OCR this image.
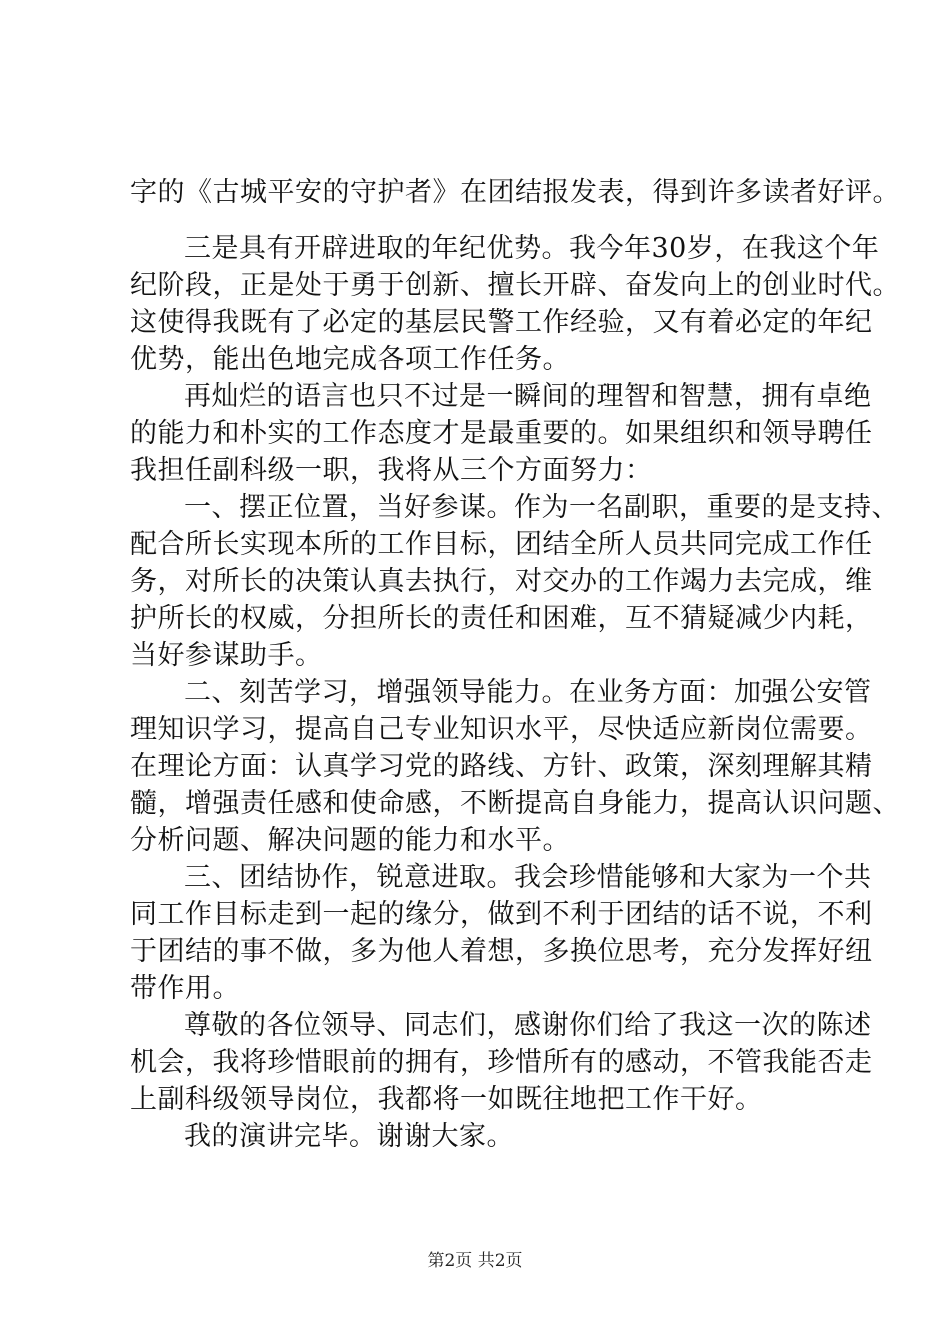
字的《古城平安的守护者》在团结报发表，得到许多读者好评。

三是具有开辟进取的年纪优势。我今年30岁，在我这个年
纪阶段，正是处于勇于创新、擅长开辟、奋发向上的创业时代。
这使得我既有了必定的基层民警工作经验，又有着必定的年纪
优势，能出色地完成各项工作任务。

再灿烂的语言也只不过是一瞬间的理智和智慧，拥有卓绝
的能力和朴实的工作态度才是最重要的。如果组织和领导聘任
我担任副科级一职，我将从三个方面努力：

一、摆正位置，当好参谋。作为一名副职，重要的是支持、
配合所长实现本所的工作目标，团结全所人员共同完成工作任
务，对所长的决策认真去执行，对交办的工作竭力去完成，维
护所长的权威，分担所长的责任和困难，互不猜疑减少内耗，
当好参谋助手。

二、刻苦学习，增强领导能力。在业务方面：加强公安管
理知识学习，提高自己专业知识水平，尽快适应新岗位需要。
在理论方面：认真学习党的路线、方针、政策，深刻理解其精
髓，增强责任感和使命感，不断提高自身能力，提高认识问题、
分析问题、解决问题的能力和水平。

三、团结协作，锐意进取。我会珍惜能够和大家为一个共
同工作目标走到一起的缘分，做到不利于团结的话不说，不利
于团结的事不做，多为他人着想，多换位思考，充分发挥好纽
带作用。

尊敬的各位领导、同志们，感谢你们给了我这一次的陈述
机会，我将珍惜眼前的拥有，珍惜所有的感动，不管我能否走
上副科级领导岗位，我都将一如既往地把工作干好。

我的演讲完毕。谢谢大家。

第2页 共2页
